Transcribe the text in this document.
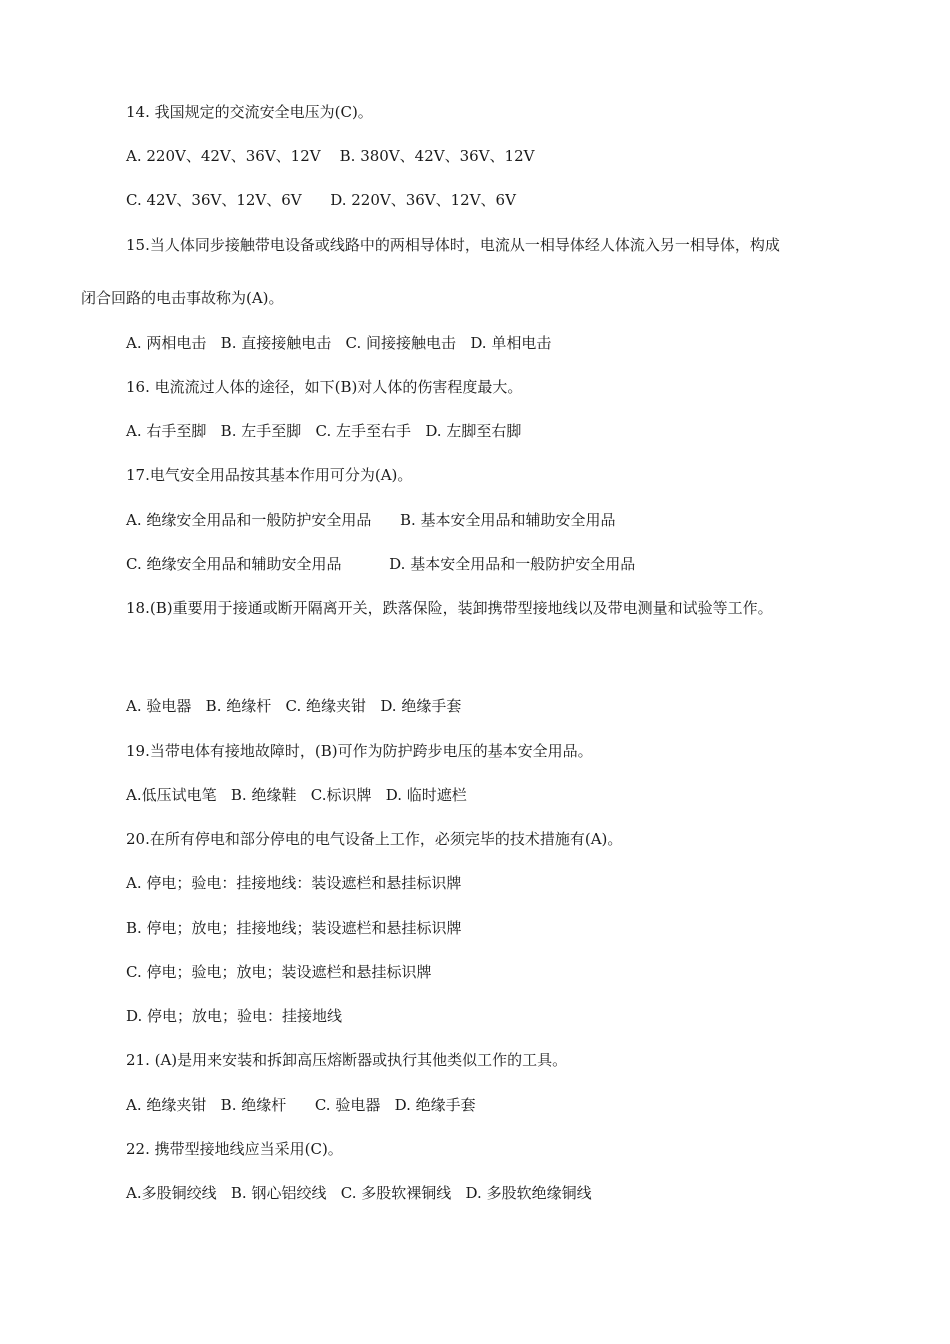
14. 我国规定的交流安全电压为(C)。
A. 220V、42V、36V、12V    B. 380V、42V、36V、12V
C. 42V、36V、12V、6V      D. 220V、36V、12V、6V
15.当人体同步接触带电设备或线路中的两相导体时，电流从一相导体经人体流入另一相导体，构成
闭合回路的电击事故称为(A)。
A. 两相电击   B. 直接接触电击   C. 间接接触电击   D. 单相电击
16. 电流流过人体的途径，如下(B)对人体的伤害程度最大。
A. 右手至脚   B. 左手至脚   C. 左手至右手   D. 左脚至右脚
17.电气安全用品按其基本作用可分为(A)。
A. 绝缘安全用品和一般防护安全用品      B. 基本安全用品和辅助安全用品
C. 绝缘安全用品和辅助安全用品          D. 基本安全用品和一般防护安全用品
18.(B)重要用于接通或断开隔离开关，跌落保险，装卸携带型接地线以及带电测量和试验等工作。
A. 验电器   B. 绝缘杆   C. 绝缘夹钳   D. 绝缘手套
19.当带电体有接地故障时，(B)可作为防护跨步电压的基本安全用品。
A.低压试电笔   B. 绝缘鞋   C.标识牌   D. 临时遮栏
20.在所有停电和部分停电的电气设备上工作，必须完毕的技术措施有(A)。
A. 停电；验电：挂接地线：装设遮栏和悬挂标识牌
B. 停电；放电；挂接地线；装设遮栏和悬挂标识牌
C. 停电；验电；放电；装设遮栏和悬挂标识牌
D. 停电；放电；验电：挂接地线
21. (A)是用来安装和拆卸高压熔断器或执行其他类似工作的工具。
A. 绝缘夹钳   B. 绝缘杆      C. 验电器   D. 绝缘手套
22. 携带型接地线应当采用(C)。
A.多股铜绞线   B. 钢心铝绞线   C. 多股软裸铜线   D. 多股软绝缘铜线
